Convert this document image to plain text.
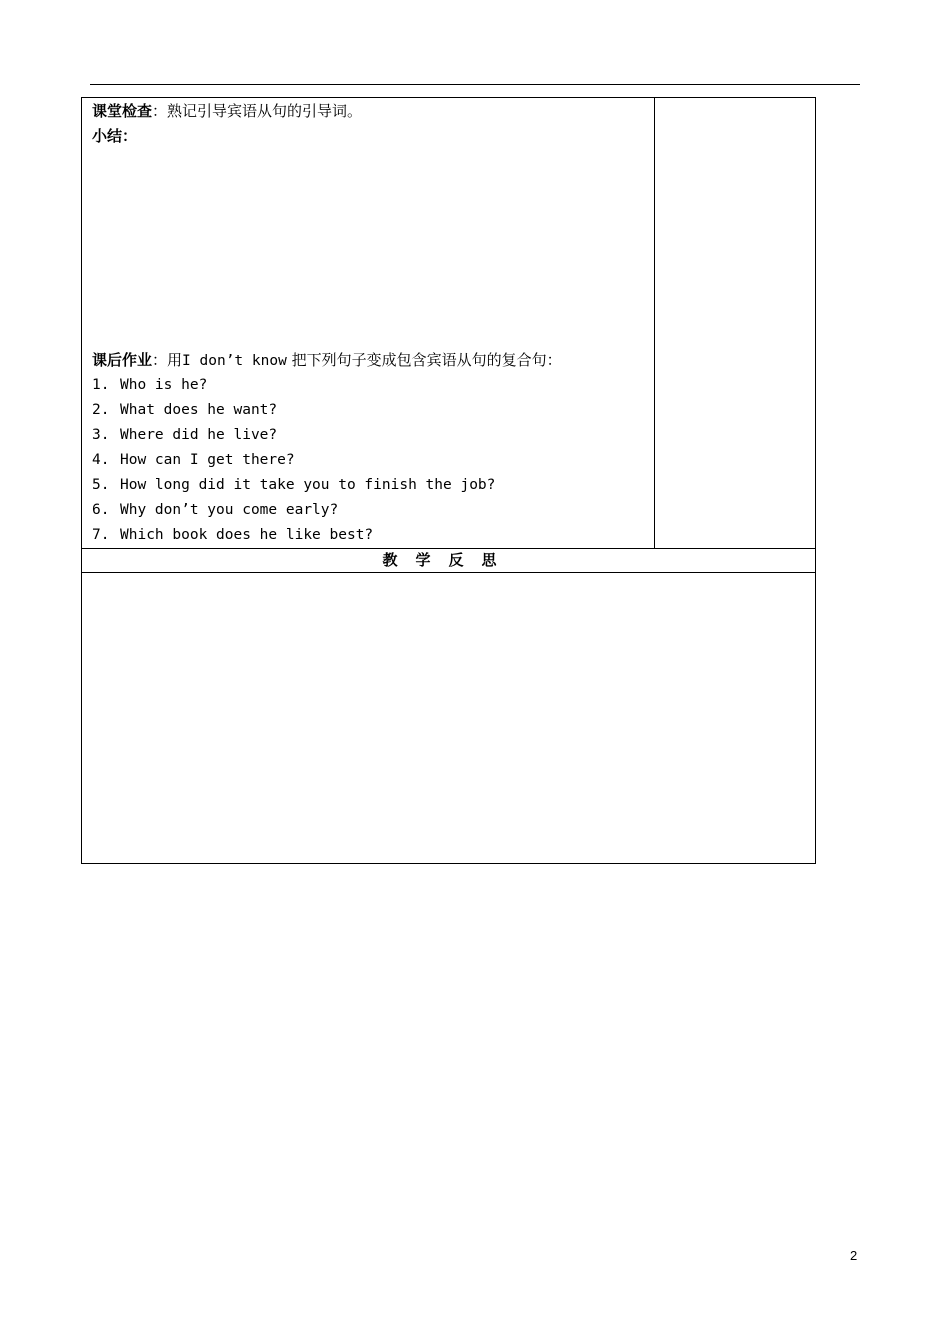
课堂检查：熟记引导宾语从句的引导词。
小结：
课后作业：用I don’t know 把下列句子变成包含宾语从句的复合句：
1. Who is he?
2. What does he want?
3. Where did he live?
4. How can I get there?
5. How long did it take you to finish the job?
6. Why don’t you come early?
7. Which book does he like best?
教学反思
2
